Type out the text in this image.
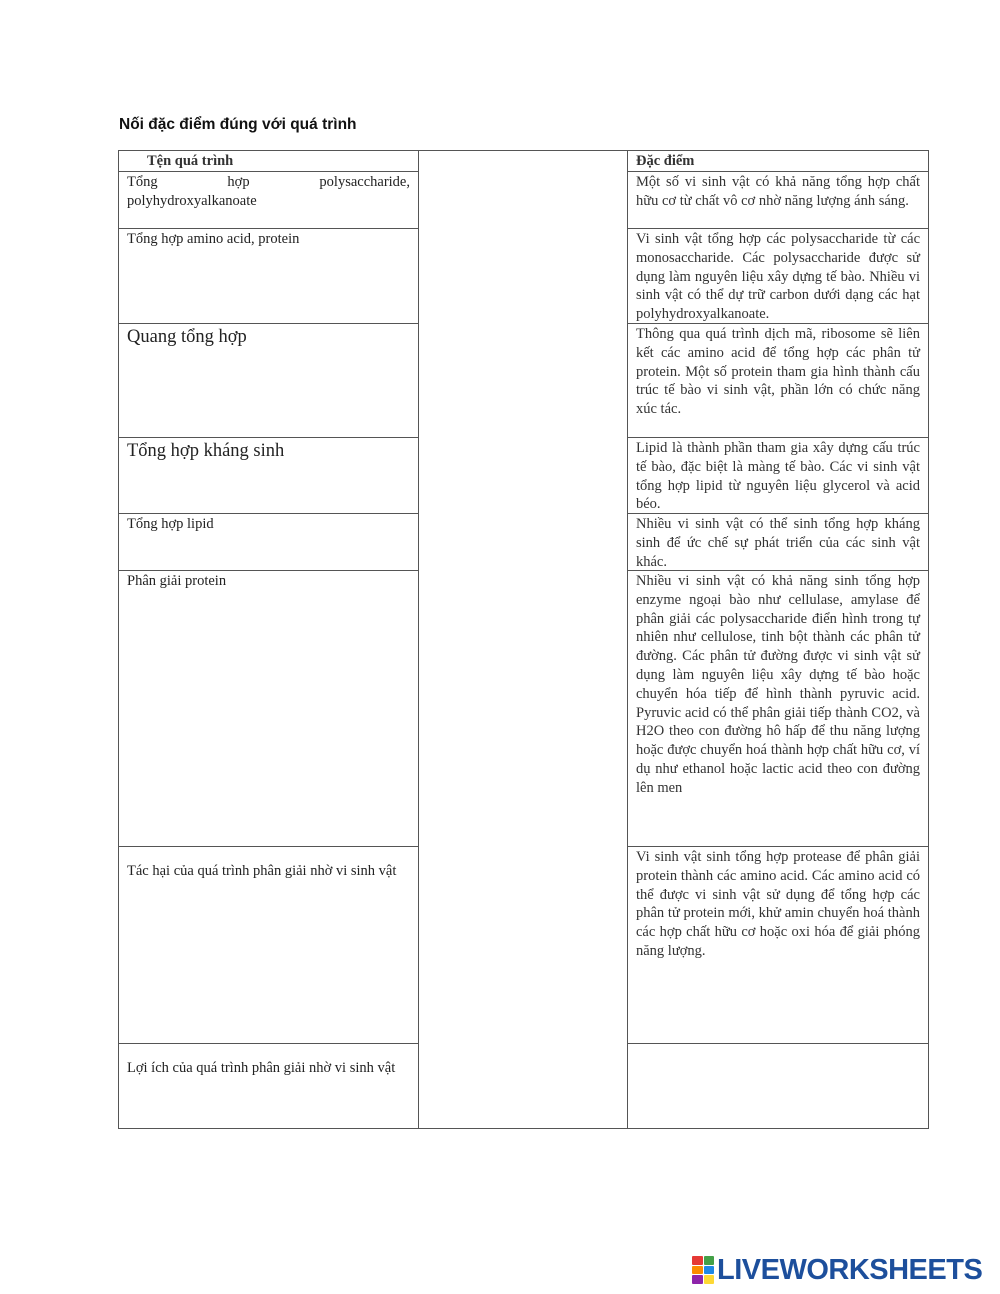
Nối đặc điểm đúng với quá trình
Tện quá trình
Tổng hợp polysaccharide, polyhydroxyalkanoate
Tổng hợp amino acid, protein
Quang tổng hợp
Tổng hợp kháng sinh
Tổng hợp lipid
Phân giải protein
Tác hại của quá trình phân giải nhờ vi sinh vật
Lợi ích của quá trình phân giải nhờ vi sinh vật
Đặc điểm
Một số vi sinh vật có khả năng tổng hợp chất hữu cơ từ chất vô cơ nhờ năng lượng ánh sáng.
Vi sinh vật tổng hợp các polysaccharide từ các monosaccharide. Các polysaccharide được sử dụng làm nguyên liệu xây dựng tế bào. Nhiều vi sinh vật có thể dự trữ carbon dưới dạng các hạt polyhydroxyalkanoate.
Thông qua quá trình dịch mã, ribosome sẽ liên kết các amino acid để tổng hợp các phân tử protein. Một số protein tham gia hình thành cấu trúc tế bào vi sinh vật, phần lớn có chức năng xúc tác.
Lipid là thành phần tham gia xây dựng cấu trúc tế bào, đặc biệt là màng tế bào. Các vi sinh vật tổng hợp lipid từ nguyên liệu glycerol và acid béo.
Nhiều vi sinh vật có thể sinh tổng hợp kháng sinh để ức chế sự phát triển của các sinh vật khác.
Nhiều vi sinh vật có khả năng sinh tổng hợp enzyme ngoại bào như cellulase, amylase để phân giải các polysaccharide điển hình trong tự nhiên như cellulose, tinh bột thành các phân tử đường. Các phân tử đường được vi sinh vật sử dụng làm nguyên liệu xây dựng tế bào hoặc chuyển hóa tiếp để hình thành pyruvic acid. Pyruvic acid có thể phân giải tiếp thành CO2, và H2O theo con đường hô hấp để thu năng lượng hoặc được chuyển hoá thành hợp chất hữu cơ, ví dụ như ethanol hoặc lactic acid theo con đường lên men
Vi sinh vật sinh tổng hợp protease để phân giải protein thành các amino acid. Các amino acid có thể được vi sinh vật sử dụng để tổng hợp các phân tử protein mới, khử amin chuyển hoá thành các hợp chất hữu cơ hoặc oxi hóa để giải phóng năng lượng.
LIVEWORKSHEETS
